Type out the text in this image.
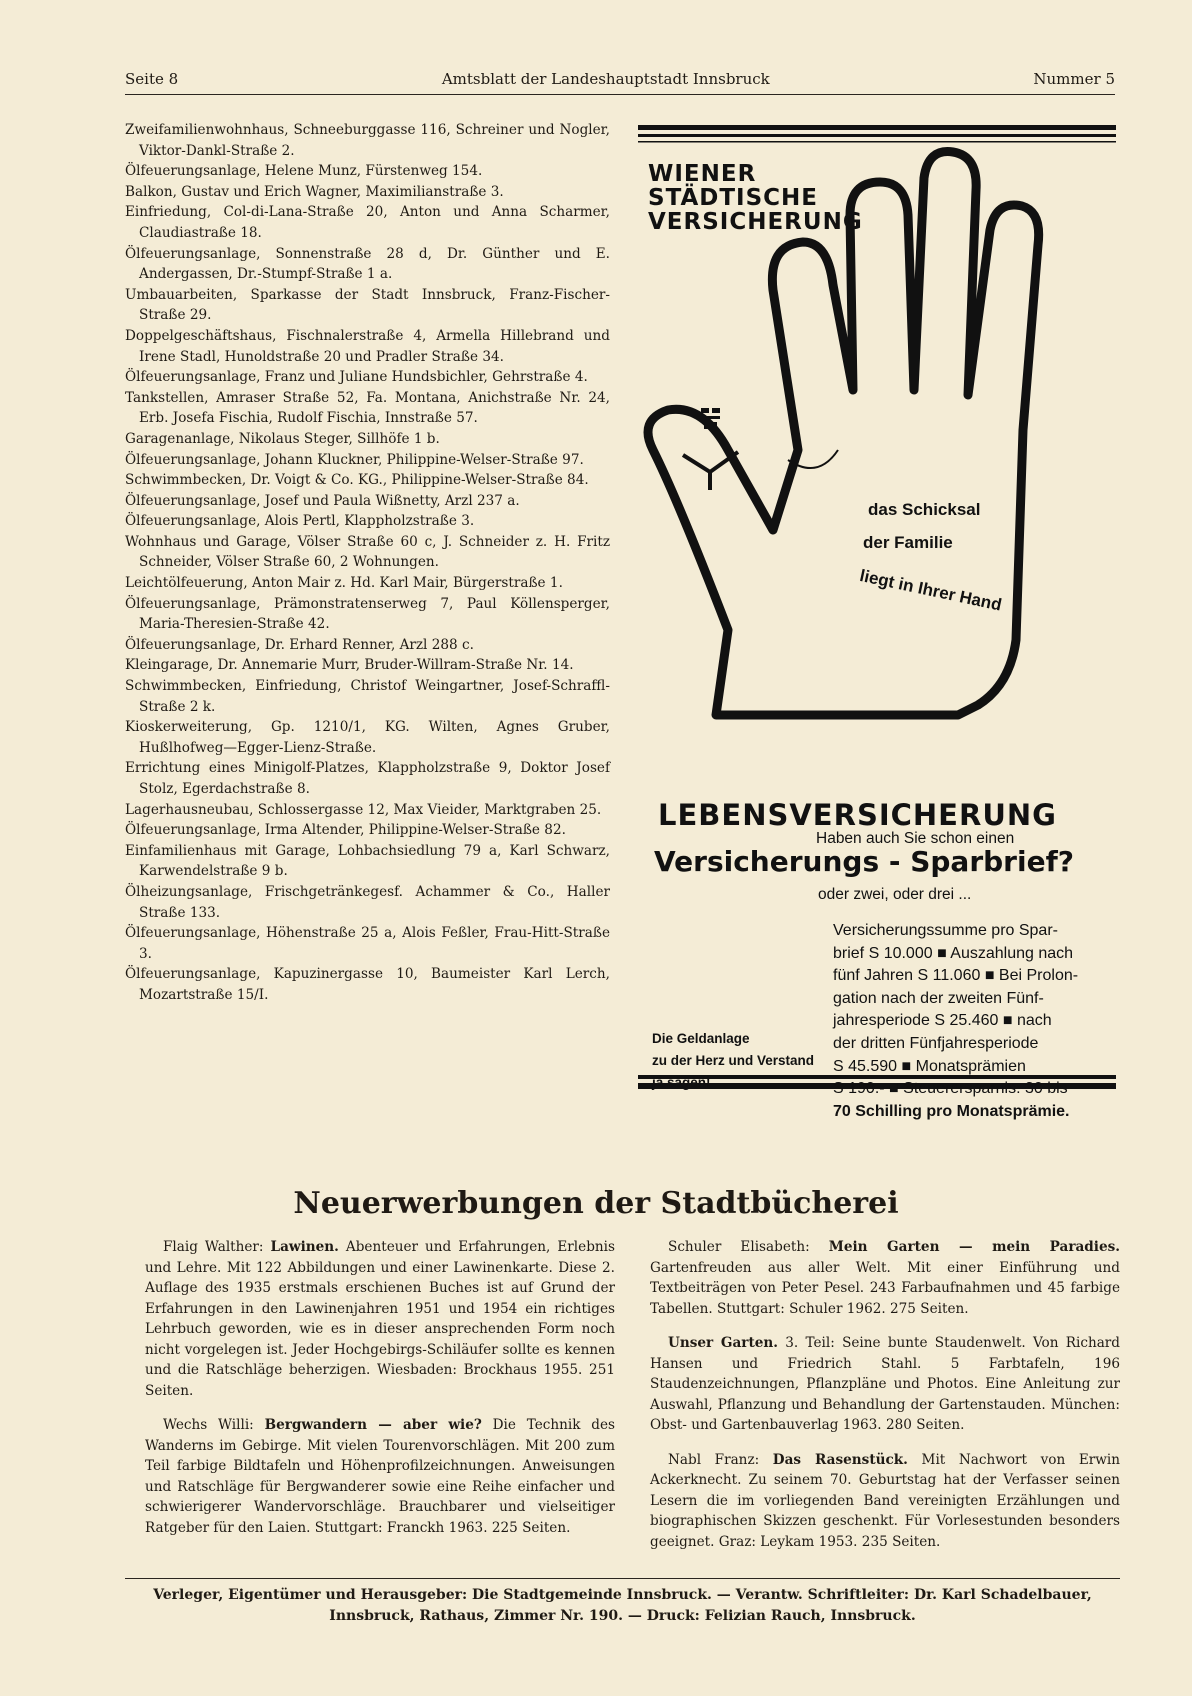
Seite 8	Amtsblatt der Landeshauptstadt Innsbruck	Nummer 5

Zweifamilienwohnhaus, Schneeburggasse 116, Schreiner und Nogler, Viktor-Dankl-Straße 2.

Ölfeuerungsanlage, Helene Munz, Fürstenweg 154.

Balkon, Gustav und Erich Wagner, Maximilianstraße 3.

Einfriedung, Col-di-Lana-Straße 20, Anton und Anna Scharmer, Claudiastraße 18.

Ölfeuerungsanlage, Sonnenstraße 28 d, Dr. Günther und E. Andergassen, Dr.-Stumpf-Straße 1 a.

Umbauarbeiten, Sparkasse der Stadt Innsbruck, Franz-Fischer-Straße 29.

Doppelgeschäftshaus, Fischnalerstraße 4, Armella Hillebrand und Irene Stadl, Hunoldstraße 20 und Pradler Straße 34.

Ölfeuerungsanlage, Franz und Juliane Hundsbichler, Gehrstraße 4.

Tankstellen, Amraser Straße 52, Fa. Montana, Anichstraße Nr. 24, Erb. Josefa Fischia, Rudolf Fischia, Innstraße 57.

Garagenanlage, Nikolaus Steger, Sillhöfe 1 b.

Ölfeuerungsanlage, Johann Kluckner, Philippine-Welser-Straße 97.

Schwimmbecken, Dr. Voigt & Co. KG., Philippine-Welser-Straße 84.

Ölfeuerungsanlage, Josef und Paula Wißnetty, Arzl 237 a.

Ölfeuerungsanlage, Alois Pertl, Klappholzstraße 3.

Wohnhaus und Garage, Völser Straße 60 c, J. Schneider z. H. Fritz Schneider, Völser Straße 60, 2 Wohnungen.

Leichtölfeuerung, Anton Mair z. Hd. Karl Mair, Bürgerstraße 1.

Ölfeuerungsanlage, Prämonstratenserweg 7, Paul Köllensperger, Maria-Theresien-Straße 42.

Ölfeuerungsanlage, Dr. Erhard Renner, Arzl 288 c.

Kleingarage, Dr. Annemarie Murr, Bruder-Willram-Straße Nr. 14.

Schwimmbecken, Einfriedung, Christof Weingartner, Josef-Schraffl-Straße 2 k.

Kioskerweiterung, Gp. 1210/1, KG. Wilten, Agnes Gruber, Hußlhofweg—Egger-Lienz-Straße.

Errichtung eines Minigolf-Platzes, Klappholzstraße 9, Doktor Josef Stolz, Egerdachstraße 8.

Lagerhausneubau, Schlossergasse 12, Max Vieider, Marktgraben 25.

Ölfeuerungsanlage, Irma Altender, Philippine-Welser-Straße 82.

Einfamilienhaus mit Garage, Lohbachsiedlung 79 a, Karl Schwarz, Karwendelstraße 9 b.

Ölheizungsanlage, Frischgetränkegesf. Achammer & Co., Haller Straße 133.

Ölfeuerungsanlage, Höhenstraße 25 a, Alois Feßler, Frau-Hitt-Straße 3.

Ölfeuerungsanlage, Kapuzinergasse 10, Baumeister Karl Lerch, Mozartstraße 15/I.

WIENER
STÄDTISCHE
VERSICHERUNG
das Schicksal
der Familie
liegt in Ihrer Hand
LEBENSVERSICHERUNG
Haben auch Sie schon einen
Versicherungs - Sparbrief?
oder zwei, oder drei ...
Versicherungssumme pro Spar-
brief S 10.000 ■ Auszahlung nach
fünf Jahren S 11.060 ■ Bei Prolon-
gation nach der zweiten Fünf-
jahresperiode S 25.460 ■ nach
der dritten Fünfjahresperiode
S 45.590 ■ Monatsprämien
S 190.- ■ Steuerersparnis: 30 bis
70 Schilling pro Monatsprämie.
Die Geldanlage
zu der Herz und Verstand
ja sagen!
Neuerwerbungen der Stadtbücherei

Flaig Walther: Lawinen. Abenteuer und Erfahrungen, Erlebnis und Lehre. Mit 122 Abbildungen und einer Lawinenkarte. Diese 2. Auflage des 1935 erstmals erschienen Buches ist auf Grund der Erfahrungen in den Lawinenjahren 1951 und 1954 ein richtiges Lehrbuch geworden, wie es in dieser ansprechenden Form noch nicht vorgelegen ist. Jeder Hochgebirgs-Schiläufer sollte es kennen und die Ratschläge beherzigen. Wiesbaden: Brockhaus 1955. 251 Seiten.

Wechs Willi: Bergwandern — aber wie? Die Technik des Wanderns im Gebirge. Mit vielen Tourenvorschlägen. Mit 200 zum Teil farbige Bildtafeln und Höhenprofilzeichnungen. Anweisungen und Ratschläge für Bergwanderer sowie eine Reihe einfacher und schwierigerer Wandervorschläge. Brauchbarer und vielseitiger Ratgeber für den Laien. Stuttgart: Franckh 1963. 225 Seiten.

Schuler Elisabeth: Mein Garten — mein Paradies. Gartenfreuden aus aller Welt. Mit einer Einführung und Textbeiträgen von Peter Pesel. 243 Farbaufnahmen und 45 farbige Tabellen. Stuttgart: Schuler 1962. 275 Seiten.

Unser Garten. 3. Teil: Seine bunte Staudenwelt. Von Richard Hansen und Friedrich Stahl. 5 Farbtafeln, 196 Staudenzeichnungen, Pflanzpläne und Photos. Eine Anleitung zur Auswahl, Pflanzung und Behandlung der Gartenstauden. München: Obst- und Gartenbauverlag 1963. 280 Seiten.

Nabl Franz: Das Rasenstück. Mit Nachwort von Erwin Ackerknecht. Zu seinem 70. Geburtstag hat der Verfasser seinen Lesern die im vorliegenden Band vereinigten Erzählungen und biographischen Skizzen geschenkt. Für Vorlesestunden besonders geeignet. Graz: Leykam 1953. 235 Seiten.

Verleger, Eigentümer und Herausgeber: Die Stadtgemeinde Innsbruck. — Verantw. Schriftleiter: Dr. Karl Schadelbauer,
Innsbruck, Rathaus, Zimmer Nr. 190. — Druck: Felizian Rauch, Innsbruck.
